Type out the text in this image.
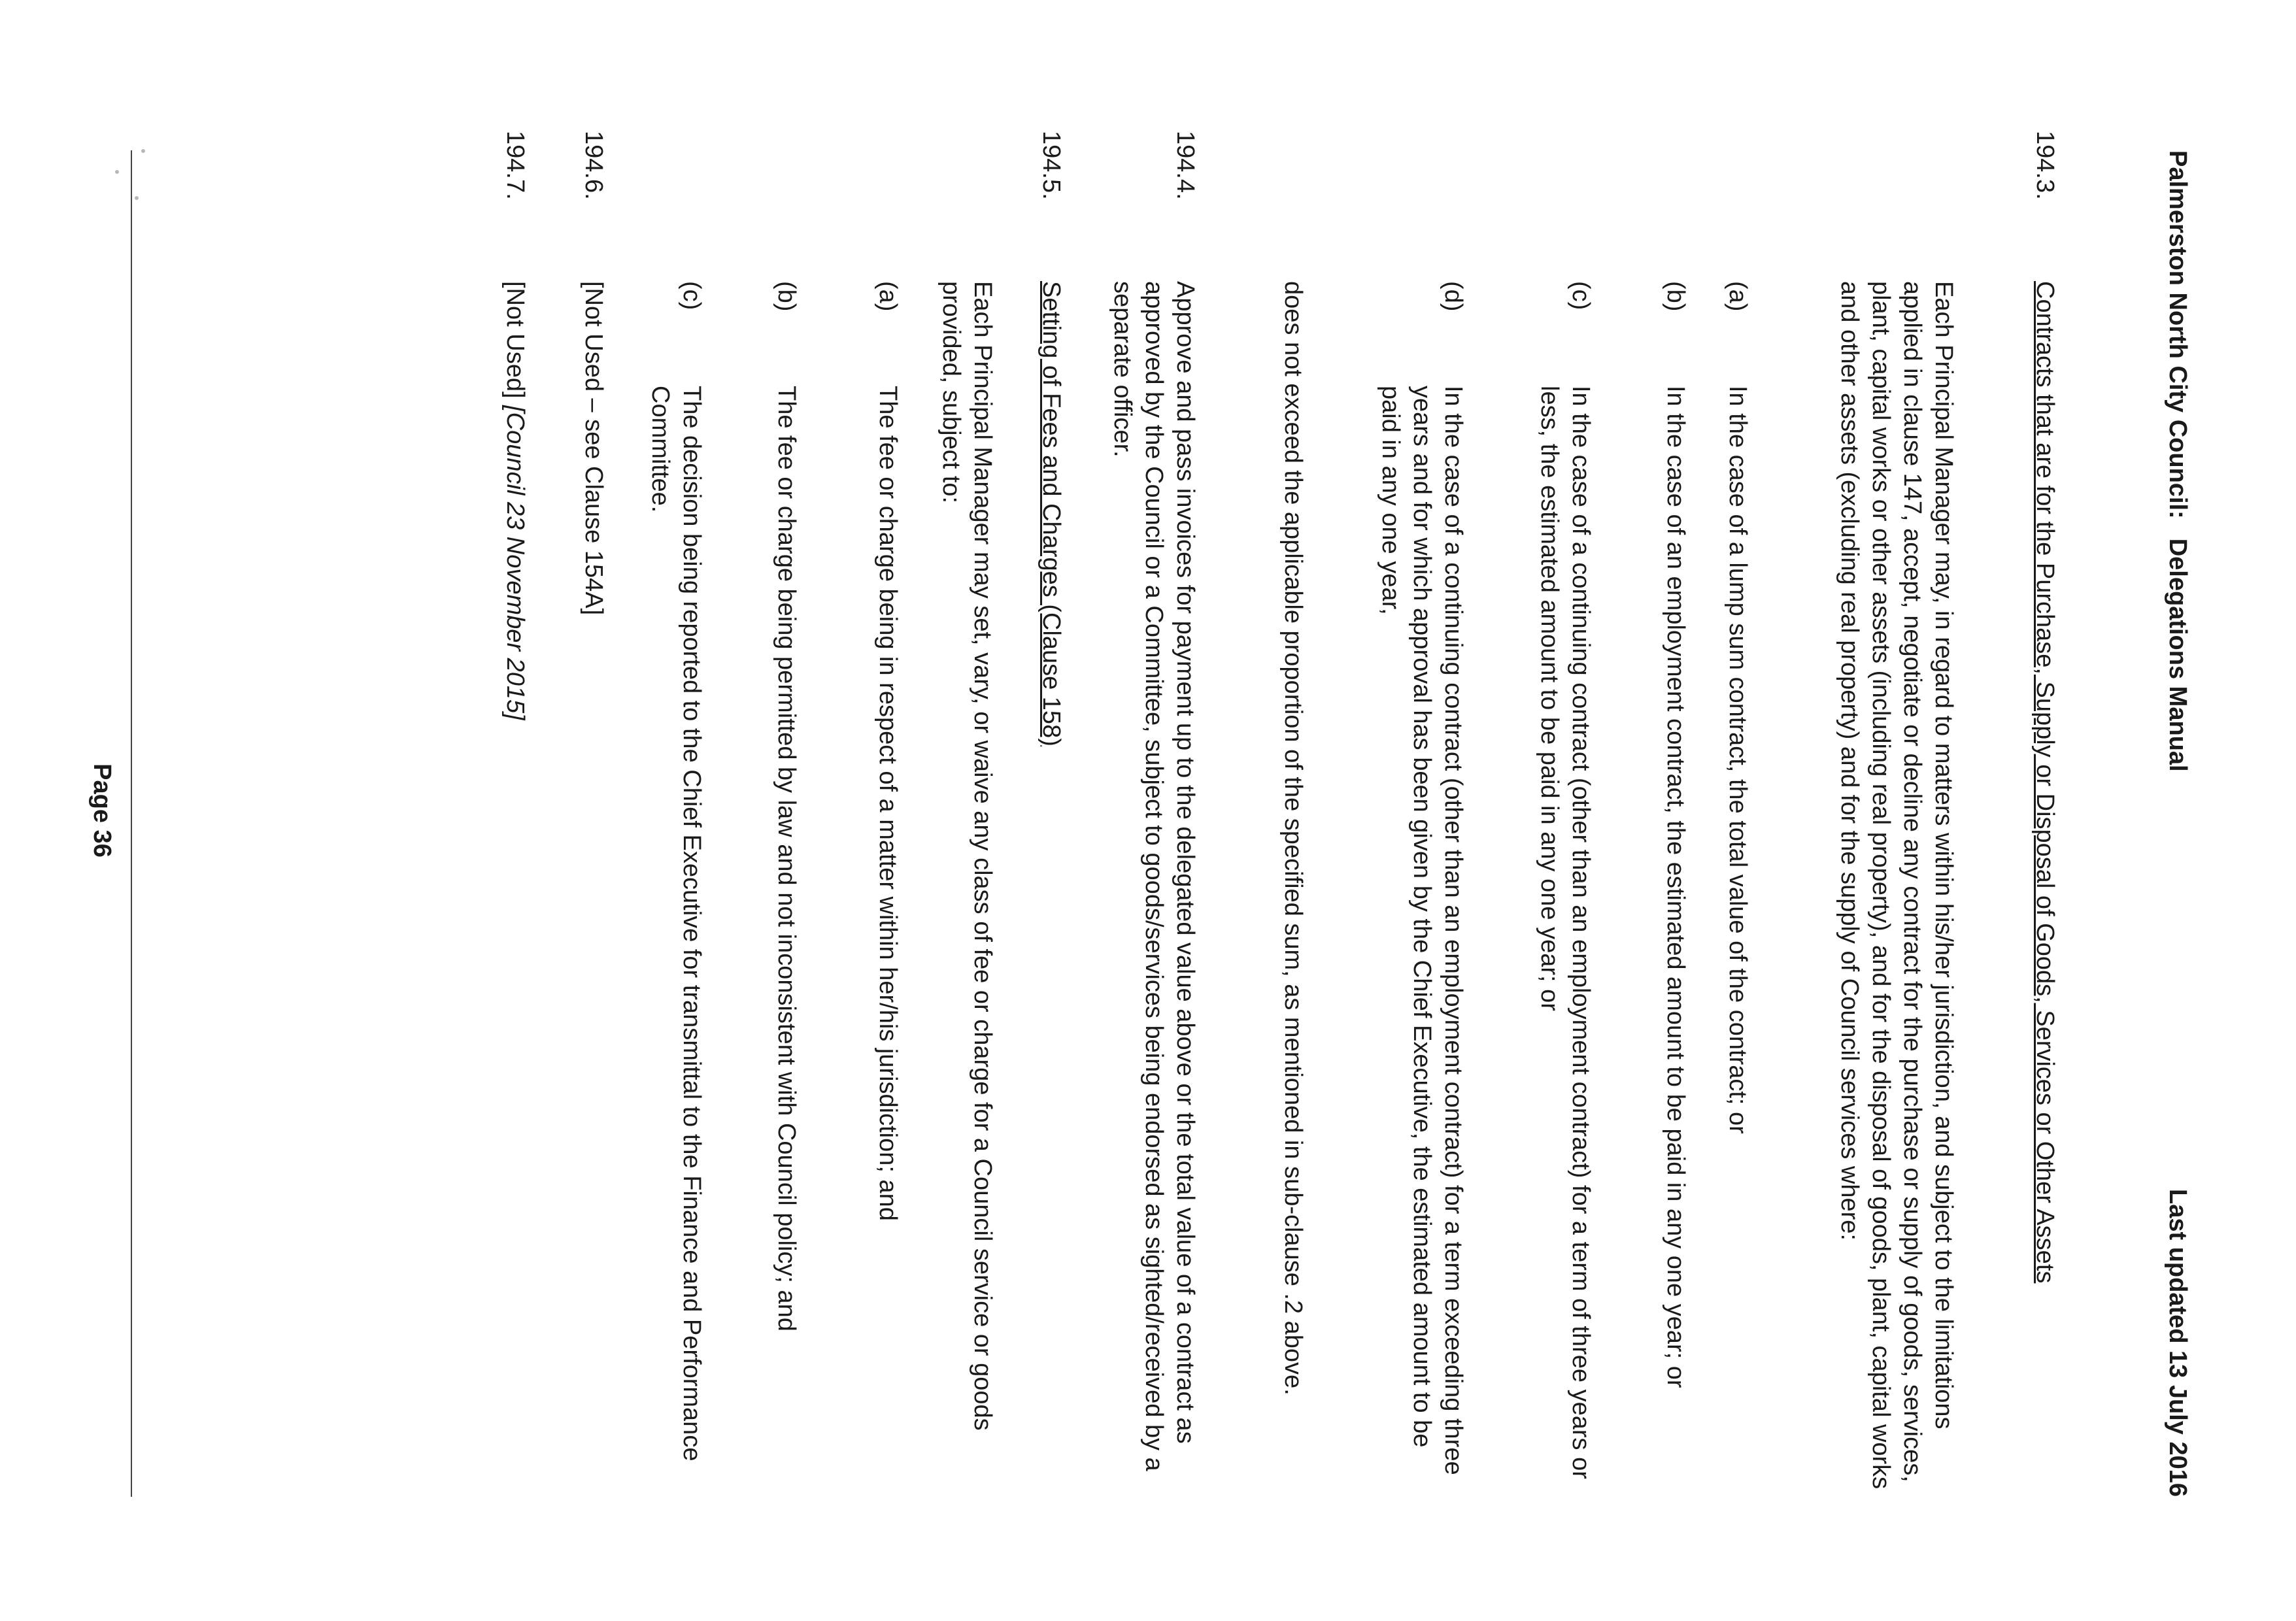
Palmerston North City Council:Delegations Manual
Last updated 13 July 2016
194.3.
Contracts that are for the Purchase, Supply or Disposal of Goods, Services or Other Assets
Each Principal Manager may, in regard to matters within his/her jurisdiction, and subject to the limitations applied in clause 147, accept, negotiate or decline any contract for the purchase or supply of goods, services, plant, capital works or other assets (including real property), and for the disposal of goods, plant, capital works and other assets (excluding real property) and for the supply of Council services where:
(a)
In the case of a lump sum contract, the total value of the contract; or
(b)
In the case of an employment contract, the estimated amount to be paid in any one year; or
(c)
In the case of a continuing contract (other than an employment contract) for a term of three years or less, the estimated amount to be paid in any one year; or
(d)
In the case of a continuing contract (other than an employment contract) for a term exceeding three years and for which approval has been given by the Chief Executive, the estimated amount to be paid in any one year,
does not exceed the applicable proportion of the specified sum, as mentioned in sub-clause .2 above.
194.4.
Approve and pass invoices for payment up to the delegated value above or the total value of a contract as approved by the Council or a Committee, subject to goods/services being endorsed as sighted/received by a separate officer.
194.5.
Setting of Fees and Charges (Clause 158)
Each Principal Manager may set, vary, or waive any class of fee or charge for a Council service or goods provided, subject to:
(a)
The fee or charge being in respect of a matter within her/his jurisdiction; and
(b)
The fee or charge being permitted by law and not inconsistent with Council policy; and
(c)
The decision being reported to the Chief Executive for transmittal to the Finance and Performance Committee.
194.6.
[Not Used – see Clause 154A]
194.7.
[Not Used] [Council 23 November 2015]
Page 36
